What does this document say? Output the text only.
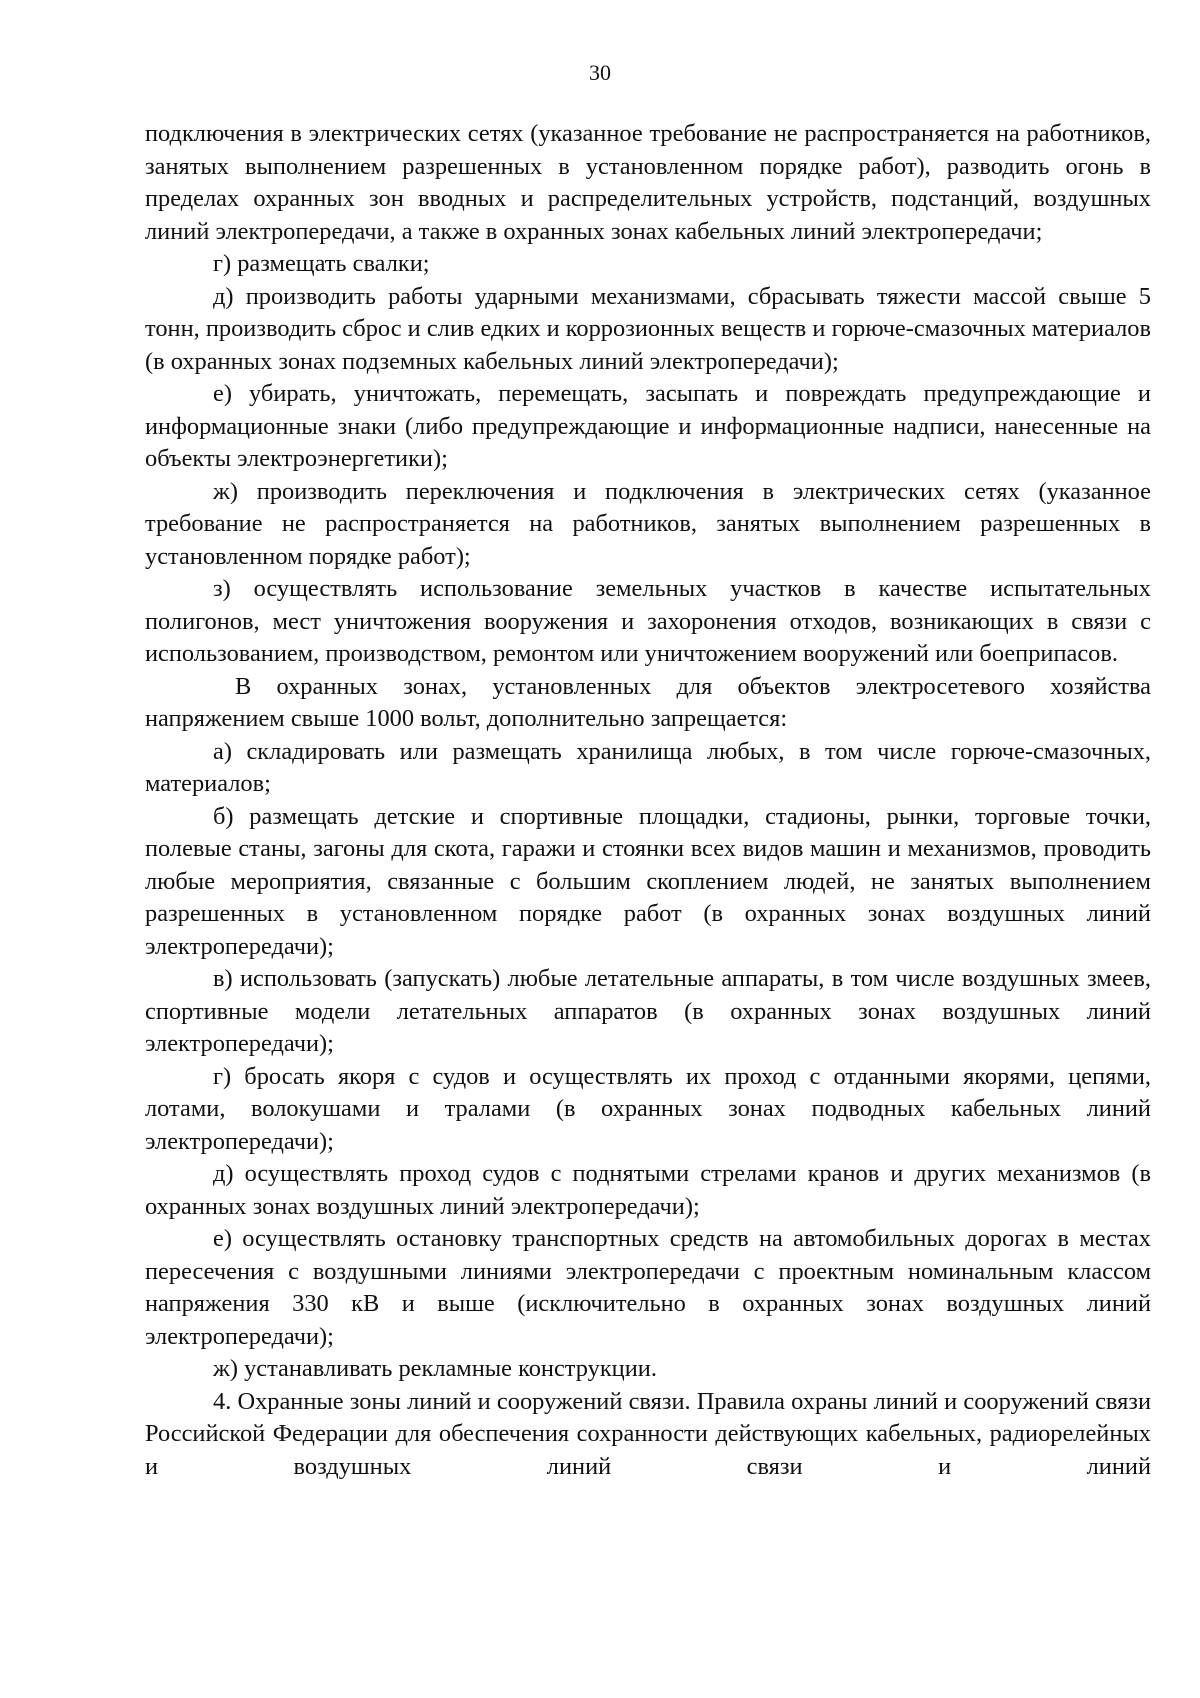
30

подключения в электрических сетях (указанное требование не распространяется на работников, занятых выполнением разрешенных в установленном порядке работ), разводить огонь в пределах охранных зон вводных и распределительных устройств, подстанций, воздушных линий электропередачи, а также в охранных зонах кабельных линий электропередачи;

г) размещать свалки;

д) производить работы ударными механизмами, сбрасывать тяжести массой свыше 5 тонн, производить сброс и слив едких и коррозионных веществ и горюче-смазочных материалов (в охранных зонах подземных кабельных линий электропередачи);

е) убирать, уничтожать, перемещать, засыпать и повреждать предупреждающие и информационные знаки (либо предупреждающие и информационные надписи, нанесенные на объекты электроэнергетики);

ж) производить переключения и подключения в электрических сетях (указанное требование не распространяется на работников, занятых выполнением разрешенных в установленном порядке работ);

з) осуществлять использование земельных участков в качестве испытательных полигонов, мест уничтожения вооружения и захоронения отходов, возникающих в связи с использованием, производством, ремонтом или уничтожением вооружений или боеприпасов.

В охранных зонах, установленных для объектов электросетевого хозяйства напряжением свыше 1000 вольт, дополнительно запрещается:

а) складировать или размещать хранилища любых, в том числе горюче-смазочных, материалов;

б) размещать детские и спортивные площадки, стадионы, рынки, торговые точки, полевые станы, загоны для скота, гаражи и стоянки всех видов машин и механизмов, проводить любые мероприятия, связанные с большим скоплением людей, не занятых выполнением разрешенных в установленном порядке работ (в охранных зонах воздушных линий электропередачи);

в) использовать (запускать) любые летательные аппараты, в том числе воздушных змеев, спортивные модели летательных аппаратов (в охранных зонах воздушных линий электропередачи);

г) бросать якоря с судов и осуществлять их проход с отданными якорями, цепями, лотами, волокушами и тралами (в охранных зонах подводных кабельных линий электропередачи);

д) осуществлять проход судов с поднятыми стрелами кранов и других механизмов (в охранных зонах воздушных линий электропередачи);

е) осуществлять остановку транспортных средств на автомобильных дорогах в местах пересечения с воздушными линиями электропередачи с проектным номинальным классом напряжения 330 кВ и выше (исключительно в охранных зонах воздушных линий электропередачи);

ж) устанавливать рекламные конструкции.

4. Охранные зоны линий и сооружений связи. Правила охраны линий и сооружений связи Российской Федерации для обеспечения сохранности действующих кабельных, радиорелейных и воздушных линий связи и линий
